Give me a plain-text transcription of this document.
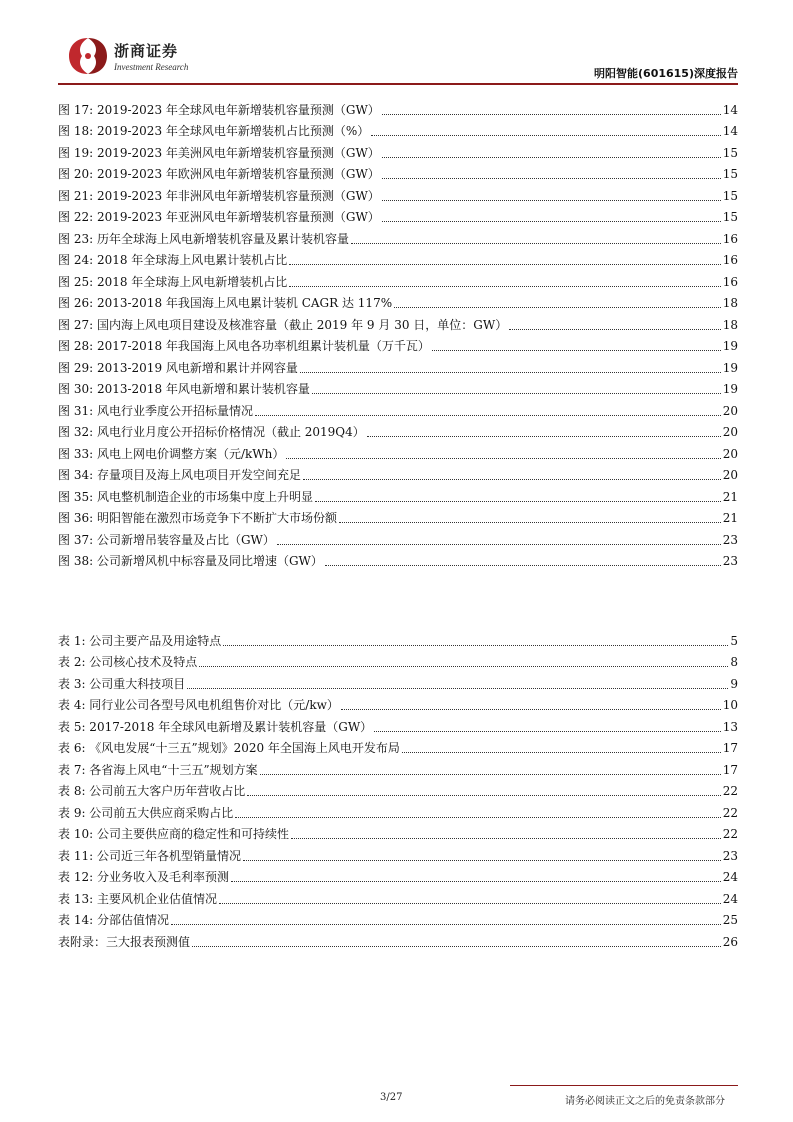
浙商证券
Investment Research	明阳智能(601615)深度报告
图 17: 2019-2023 年全球风电年新增装机容量预测（GW）	14
图 18: 2019-2023 年全球风电年新增装机占比预测（%）	14
图 19: 2019-2023 年美洲风电年新增装机容量预测（GW）	15
图 20: 2019-2023 年欧洲风电年新增装机容量预测（GW）	15
图 21: 2019-2023 年非洲风电年新增装机容量预测（GW）	15
图 22: 2019-2023 年亚洲风电年新增装机容量预测（GW）	15
图 23: 历年全球海上风电新增装机容量及累计装机容量	16
图 24: 2018 年全球海上风电累计装机占比	16
图 25: 2018 年全球海上风电新增装机占比	16
图 26: 2013-2018 年我国海上风电累计装机 CAGR 达 117%	18
图 27: 国内海上风电项目建设及核准容量（截止 2019 年 9 月 30 日，单位：GW）	18
图 28: 2017-2018 年我国海上风电各功率机组累计装机量（万千瓦）	19
图 29: 2013-2019 风电新增和累计并网容量	19
图 30: 2013-2018 年风电新增和累计装机容量	19
图 31: 风电行业季度公开招标量情况	20
图 32: 风电行业月度公开招标价格情况（截止 2019Q4）	20
图 33: 风电上网电价调整方案（元/kWh）	20
图 34: 存量项目及海上风电项目开发空间充足	20
图 35: 风电整机制造企业的市场集中度上升明显	21
图 36: 明阳智能在激烈市场竞争下不断扩大市场份额	21
图 37: 公司新增吊装容量及占比（GW）	23
图 38: 公司新增风机中标容量及同比增速（GW）	23
表 1: 公司主要产品及用途特点	5
表 2: 公司核心技术及特点	8
表 3: 公司重大科技项目	9
表 4: 同行业公司各型号风电机组售价对比（元/kw）	10
表 5: 2017-2018 年全球风电新增及累计装机容量（GW）	13
表 6: 《风电发展“十三五”规划》2020 年全国海上风电开发布局	17
表 7: 各省海上风电“十三五”规划方案	17
表 8: 公司前五大客户历年营收占比	22
表 9: 公司前五大供应商采购占比	22
表 10: 公司主要供应商的稳定性和可持续性	22
表 11: 公司近三年各机型销量情况	23
表 12: 分业务收入及毛利率预测	24
表 13: 主要风机企业估值情况	24
表 14: 分部估值情况	25
表附录：三大报表预测值	26
3/27	请务必阅读正文之后的免责条款部分
